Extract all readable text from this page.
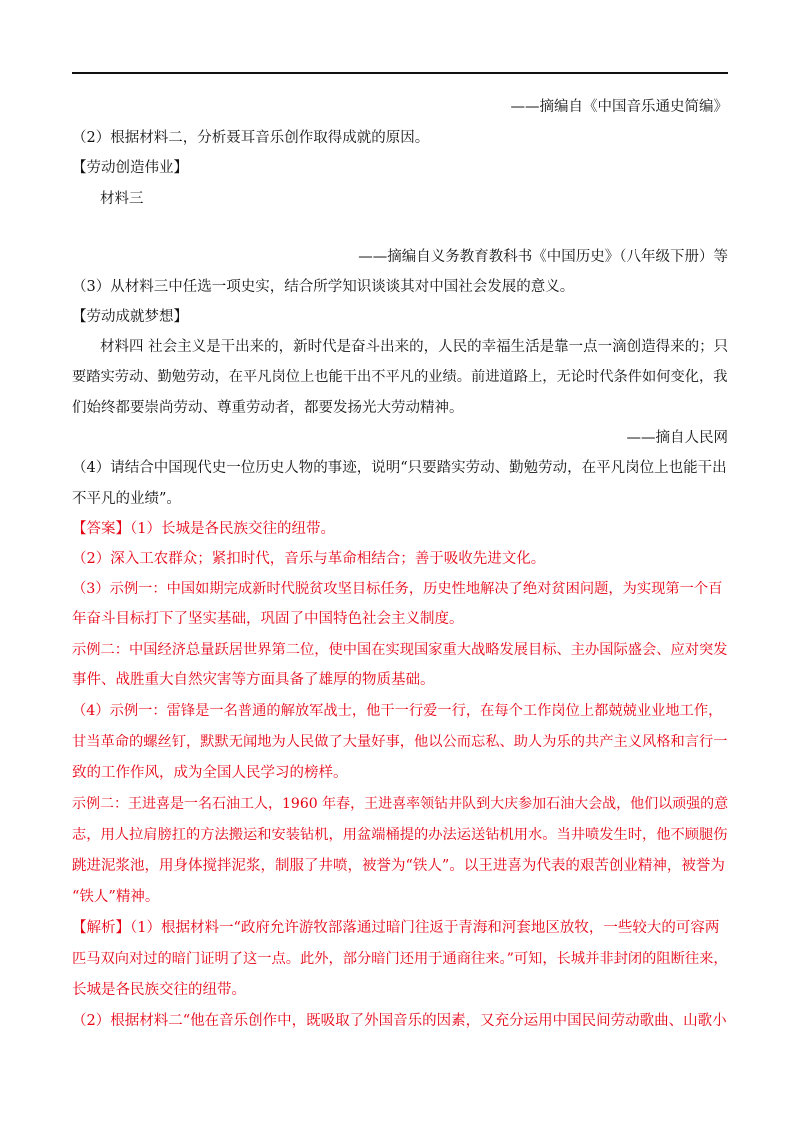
——摘编自《中国音乐通史简编》
（2）根据材料二，分析聂耳音乐创作取得成就的原因。
【劳动创造伟业】
材料三
——摘编自义务教育教科书《中国历史》（八年级下册）等
（3）从材料三中任选一项史实，结合所学知识谈谈其对中国社会发展的意义。
【劳动成就梦想】
材料四 社会主义是干出来的，新时代是奋斗出来的，人民的幸福生活是靠一点一滴创造得来的；只
要踏实劳动、勤勉劳动，在平凡岗位上也能干出不平凡的业绩。前进道路上，无论时代条件如何变化，我
们始终都要崇尚劳动、尊重劳动者，都要发扬光大劳动精神。
——摘自人民网
（4）请结合中国现代史一位历史人物的事迹，说明“只要踏实劳动、勤勉劳动，在平凡岗位上也能干出
不平凡的业绩”。
【答案】（1）长城是各民族交往的纽带。
（2）深入工农群众；紧扣时代，音乐与革命相结合；善于吸收先进文化。
（3）示例一：中国如期完成新时代脱贫攻坚目标任务，历史性地解决了绝对贫困问题，为实现第一个百
年奋斗目标打下了坚实基础，巩固了中国特色社会主义制度。
示例二：中国经济总量跃居世界第二位，使中国在实现国家重大战略发展目标、主办国际盛会、应对突发
事件、战胜重大自然灾害等方面具备了雄厚的物质基础。
（4）示例一：雷锋是一名普通的解放军战士，他干一行爱一行，在每个工作岗位上都兢兢业业地工作，
甘当革命的螺丝钉，默默无闻地为人民做了大量好事，他以公而忘私、助人为乐的共产主义风格和言行一
致的工作作风，成为全国人民学习的榜样。
示例二：王进喜是一名石油工人，1960 年春，王进喜率领钻井队到大庆参加石油大会战，他们以顽强的意
志，用人拉肩膀扛的方法搬运和安装钻机，用盆端桶提的办法运送钻机用水。当井喷发生时，他不顾腿伤
跳进泥浆池，用身体搅拌泥浆，制服了井喷，被誉为“铁人”。以王进喜为代表的艰苦创业精神，被誉为
“铁人”精神。
【解析】（1）根据材料一“政府允许游牧部落通过暗门往返于青海和河套地区放牧，一些较大的可容两
匹马双向对过的暗门证明了这一点。此外，部分暗门还用于通商往来。”可知，长城并非封闭的阻断往来，
长城是各民族交往的纽带。
（2）根据材料二“他在音乐创作中，既吸取了外国音乐的因素，又充分运用中国民间劳动歌曲、山歌小
